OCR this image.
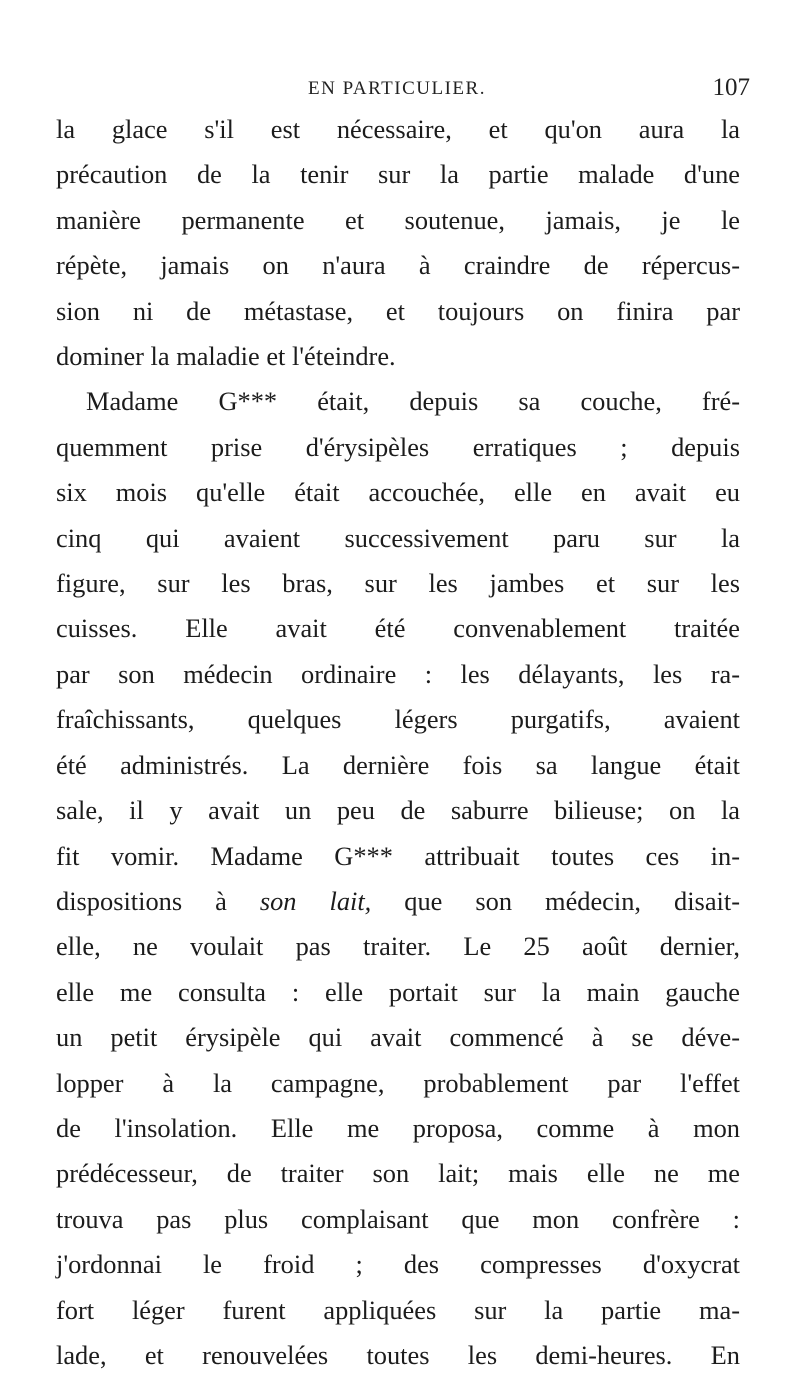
EN PARTICULIER.	107
la glace s'il est nécessaire, et qu'on aura la
précaution de la tenir sur la partie malade d'une
manière permanente et soutenue, jamais, je le
répète, jamais on n'aura à craindre de répercus-
sion ni de métastase, et toujours on finira par
dominer la maladie et l'éteindre.
Madame G*** était, depuis sa couche, fré-
quemment prise d'érysipèles erratiques ; depuis
six mois qu'elle était accouchée, elle en avait eu
cinq qui avaient successivement paru sur la
figure, sur les bras, sur les jambes et sur les
cuisses. Elle avait été convenablement traitée
par son médecin ordinaire : les délayants, les ra-
fraîchissants, quelques légers purgatifs, avaient
été administrés. La dernière fois sa langue était
sale, il y avait un peu de saburre bilieuse; on la
fit vomir. Madame G*** attribuait toutes ces in-
dispositions à son lait, que son médecin, disait-
elle, ne voulait pas traiter. Le 25 août dernier,
elle me consulta : elle portait sur la main gauche
un petit érysipèle qui avait commencé à se déve-
lopper à la campagne, probablement par l'effet
de l'insolation. Elle me proposa, comme à mon
prédécesseur, de traiter son lait; mais elle ne me
trouva pas plus complaisant que mon confrère :
j'ordonnai le froid ; des compresses d'oxycrat
fort léger furent appliquées sur la partie ma-
lade, et renouvelées toutes les demi-heures. En
